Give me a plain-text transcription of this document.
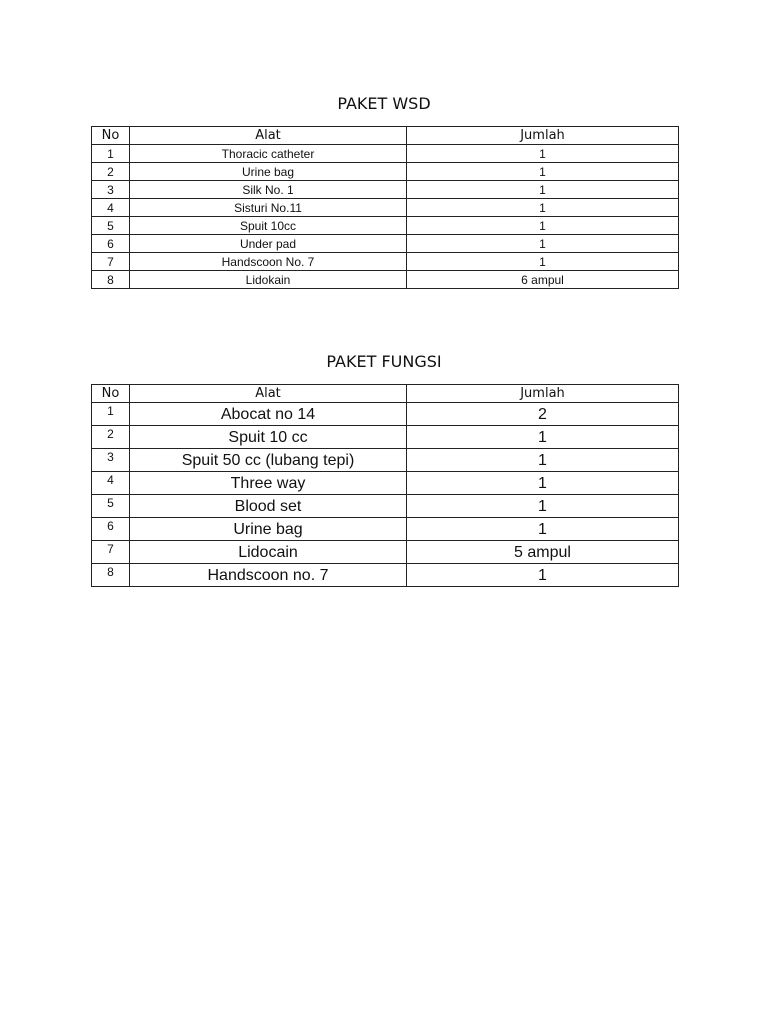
PAKET WSD
No	Alat	Jumlah
1	Thoracic catheter	1
2	Urine bag	1
3	Silk No. 1	1
4	Sisturi No.11	1
5	Spuit 10cc	1
6	Under pad	1
7	Handscoon No. 7	1
8	Lidokain	6 ampul
PAKET FUNGSI
No	Alat	Jumlah
1	Abocat no 14	2
2	Spuit 10 cc	1
3	Spuit 50 cc (lubang tepi)	1
4	Three way	1
5	Blood set	1
6	Urine bag	1
7	Lidocain	5 ampul
8	Handscoon no. 7	1
